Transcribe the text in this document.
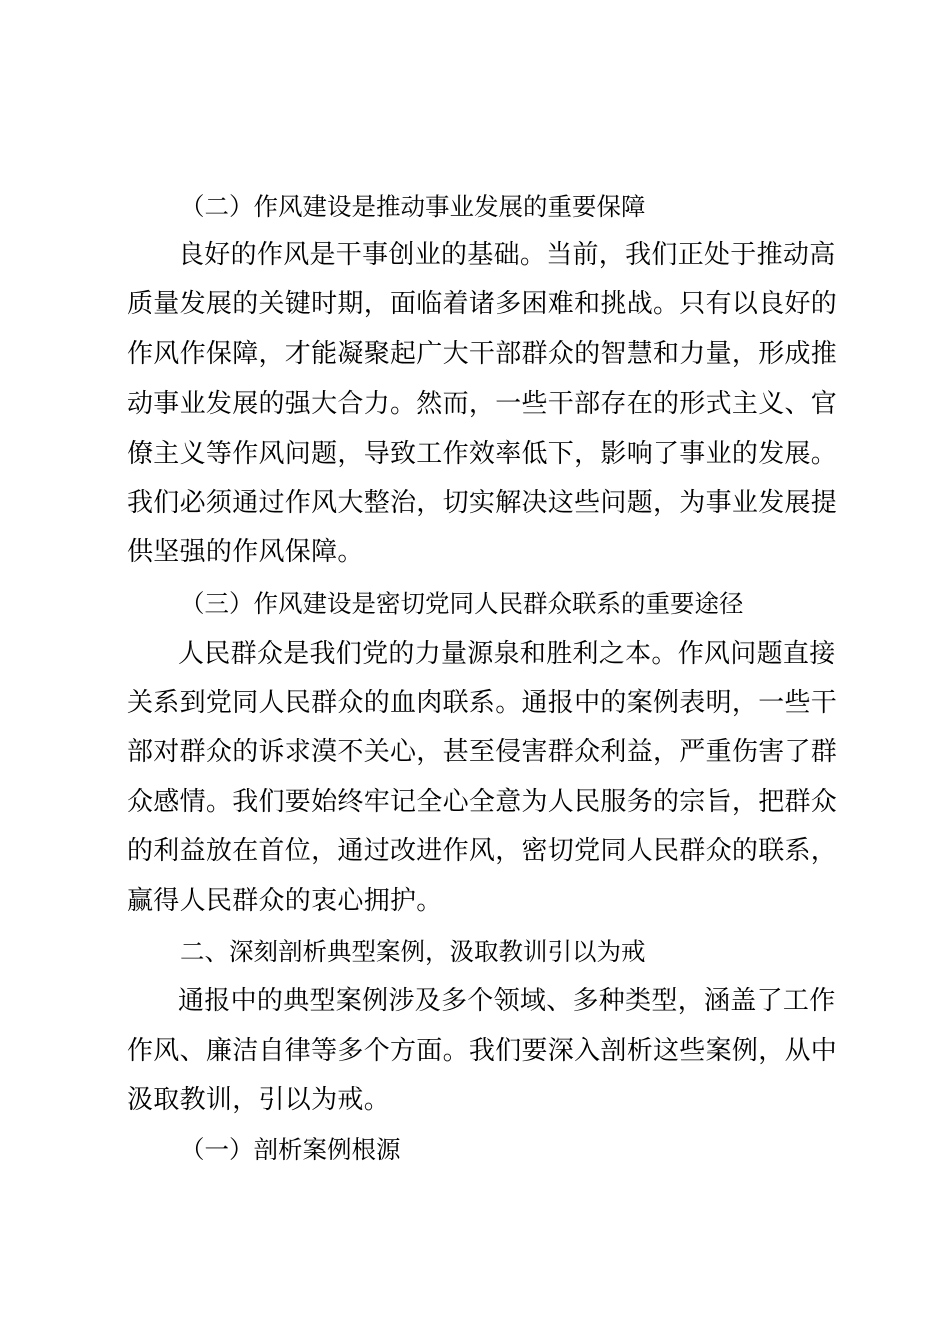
（二）作风建设是推动事业发展的重要保障
良好的作风是干事创业的基础。当前，我们正处于推动高
质量发展的关键时期，面临着诸多困难和挑战。只有以良好的
作风作保障，才能凝聚起广大干部群众的智慧和力量，形成推
动事业发展的强大合力。然而，一些干部存在的形式主义、官
僚主义等作风问题，导致工作效率低下，影响了事业的发展。
我们必须通过作风大整治，切实解决这些问题，为事业发展提
供坚强的作风保障。
（三）作风建设是密切党同人民群众联系的重要途径
人民群众是我们党的力量源泉和胜利之本。作风问题直接
关系到党同人民群众的血肉联系。通报中的案例表明，一些干
部对群众的诉求漠不关心，甚至侵害群众利益，严重伤害了群
众感情。我们要始终牢记全心全意为人民服务的宗旨，把群众
的利益放在首位，通过改进作风，密切党同人民群众的联系，
赢得人民群众的衷心拥护。
二、深刻剖析典型案例，汲取教训引以为戒
通报中的典型案例涉及多个领域、多种类型，涵盖了工作
作风、廉洁自律等多个方面。我们要深入剖析这些案例，从中
汲取教训，引以为戒。
（一）剖析案例根源
